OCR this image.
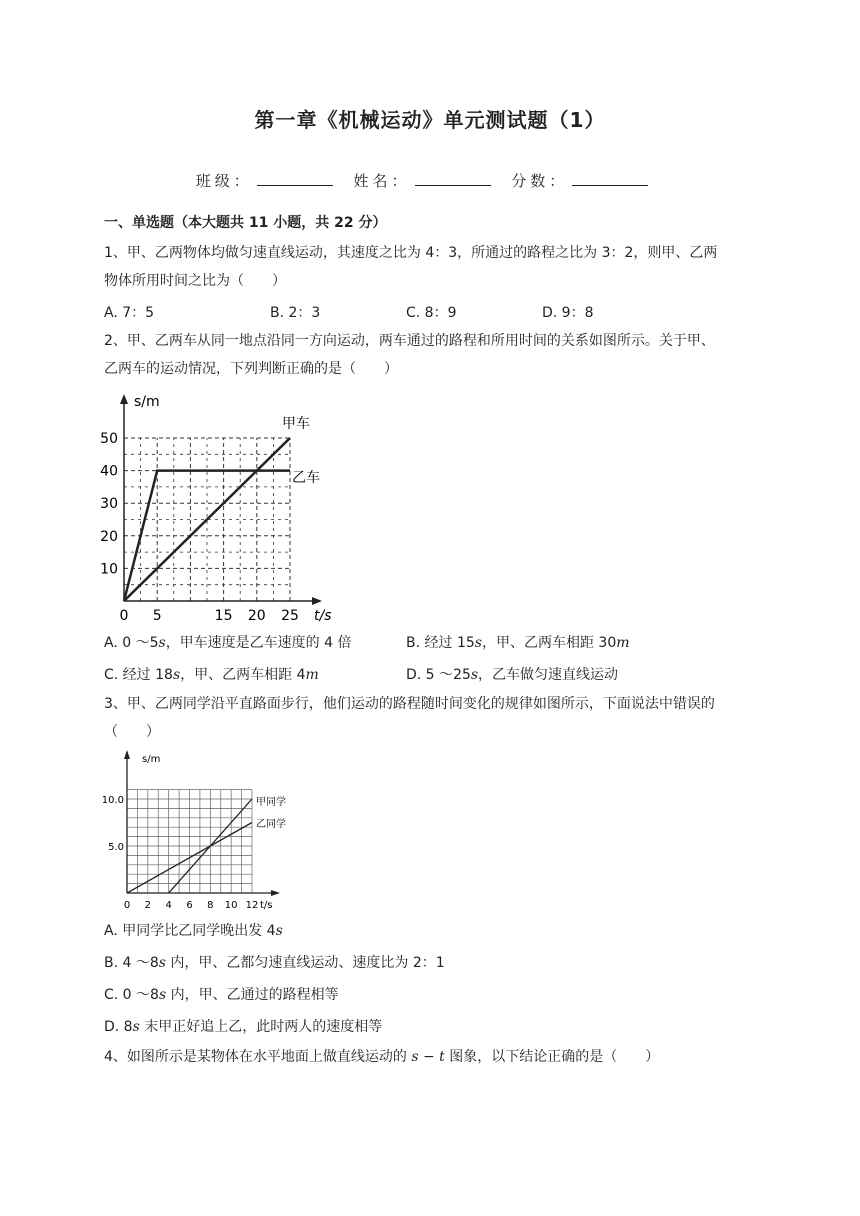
第一章《机械运动》单元测试题（1）
班级：	姓名：	分数：
一、单选题（本大题共 11 小题，共 22 分）
1、甲、乙两物体均做匀速直线运动，其速度之比为 4：3，所通过的路程之比为 3：2，则甲、乙两
物体所用时间之比为（　　）
A. 7：5	B. 2：3	C. 8：9	D. 9：8
2、甲、乙两车从同一地点沿同一方向运动，两车通过的路程和所用时间的关系如图所示。关于甲、
乙两车的运动情况，下列判断正确的是（　　）
s/m
t/s
0 5	15 20 25
10
20
30
40
50
甲车
乙车
A. 0 ～5s，甲车速度是乙车速度的 4 倍	B. 经过 15s，甲、乙两车相距 30m
C. 经过 18s，甲、乙两车相距 4m	D. 5 ～25s，乙车做匀速直线运动
3、甲、乙两同学沿平直路面步行，他们运动的路程随时间变化的规律如图所示，下面说法中错误的
（　　）
s/m
t/s
0 2 4 6 8 10 12
5.0
10.0	甲同学
乙同学
A. 甲同学比乙同学晚出发 4s
B. 4 ～8s 内，甲、乙都匀速直线运动、速度比为 2：1
C. 0 ～8s 内，甲、乙通过的路程相等
D. 8s 末甲正好追上乙，此时两人的速度相等
4、如图所示是某物体在水平地面上做直线运动的 s − t 图象，以下结论正确的是（　　）
